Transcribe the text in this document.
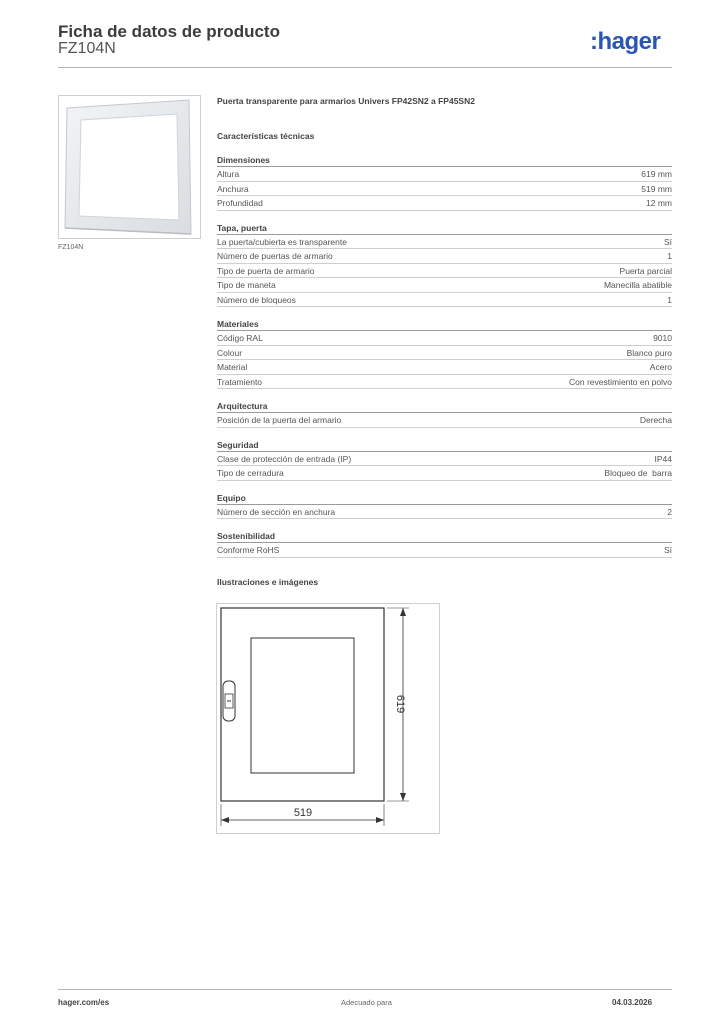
Ficha de datos de producto
FZ104N	:hager
FZ104N
Puerta transparente para armarios Univers FP42SN2 a FP45SN2
Características técnicas
Dimensiones
Altura	619 mm
Anchura	519 mm
Profundidad	12 mm
Tapa, puerta
La puerta/cubierta es transparente	Sí
Número de puertas de armario	1
Tipo de puerta de armario	Puerta parcial
Tipo de maneta	Manecilla abatible
Número de bloqueos	1
Materiales
Código RAL	9010
Colour	Blanco puro
Material	Acero
Tratamiento	Con revestimiento en polvo
Arquitectura
Posición de la puerta del armario	Derecha
Seguridad
Clase de protección de entrada (IP)	IP44
Tipo de cerradura	Bloqueo de  barra
Equipo
Número de sección en anchura	2
Sostenibilidad
Conforme RoHS	Sí
Ilustraciones e imágenes
519
619
hager.com/es	Adecuado para	04.03.2026
